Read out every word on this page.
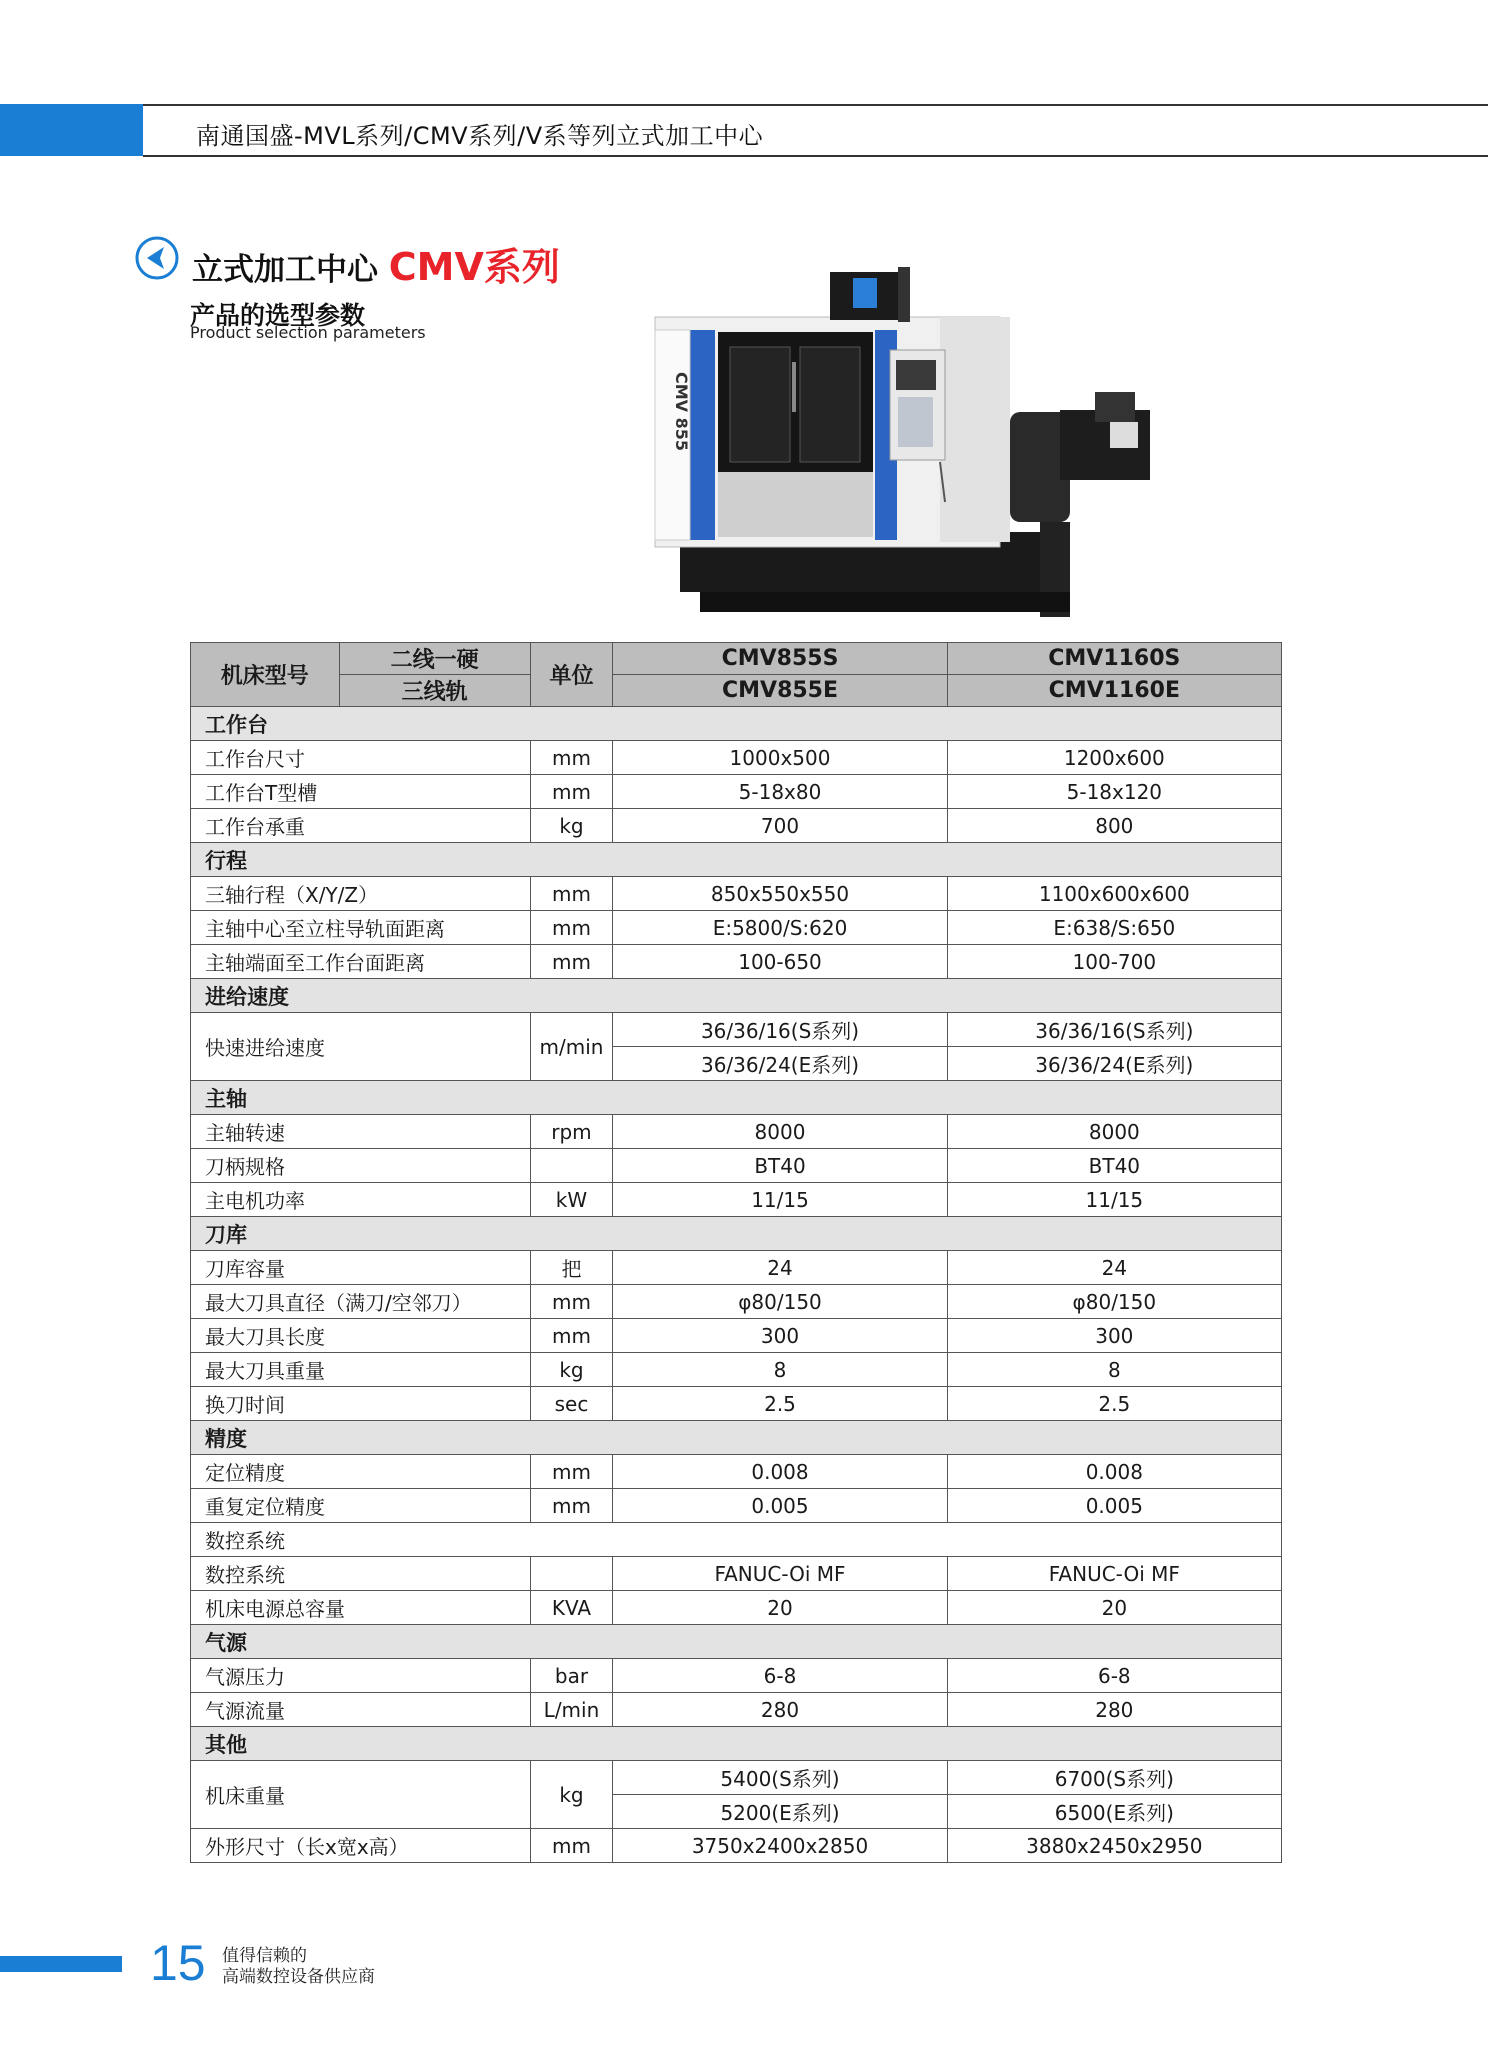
南通国盛-MVL系列/CMV系列/V系等列立式加工中心
立式加工中心 CMV系列
产品的选型参数
Product selection parameters
CMV 855
机床型号	二线一硬	单位	CMV855S	CMV1160S
	三线轨		CMV855E	CMV1160E
工作台				
工作台尺寸		mm	1000x500	1200x600
工作台T型槽		mm	5-18x80	5-18x120
工作台承重		kg	700	800
行程				
三轴行程（X/Y/Z）		mm	850x550x550	1100x600x600
主轴中心至立柱导轨面距离		mm	E:5800/S:620	E:638/S:650
主轴端面至工作台面距离		mm	100-650	100-700
进给速度				
快速进给速度		m/min	36/36/16(S系列)	36/36/16(S系列)
			36/36/24(E系列)	36/36/24(E系列)
主轴				
主轴转速		rpm	8000	8000
刀柄规格			BT40	BT40
主电机功率		kW	11/15	11/15
刀库				
刀库容量		把	24	24
最大刀具直径（满刀/空邻刀）		mm	φ80/150	φ80/150
最大刀具长度		mm	300	300
最大刀具重量		kg	8	8
换刀时间		sec	2.5	2.5
精度				
定位精度		mm	0.008	0.008
重复定位精度		mm	0.005	0.005
数控系统				
数控系统			FANUC-Oi MF	FANUC-Oi MF
机床电源总容量		KVA	20	20
气源				
气源压力		bar	6-8	6-8
气源流量		L/min	280	280
其他				
机床重量		kg	5400(S系列)	6700(S系列)
			5200(E系列)	6500(E系列)
外形尺寸（长x宽x高）		mm	3750x2400x2850	3880x2450x2950
15 值得信赖的
高端数控设备供应商
